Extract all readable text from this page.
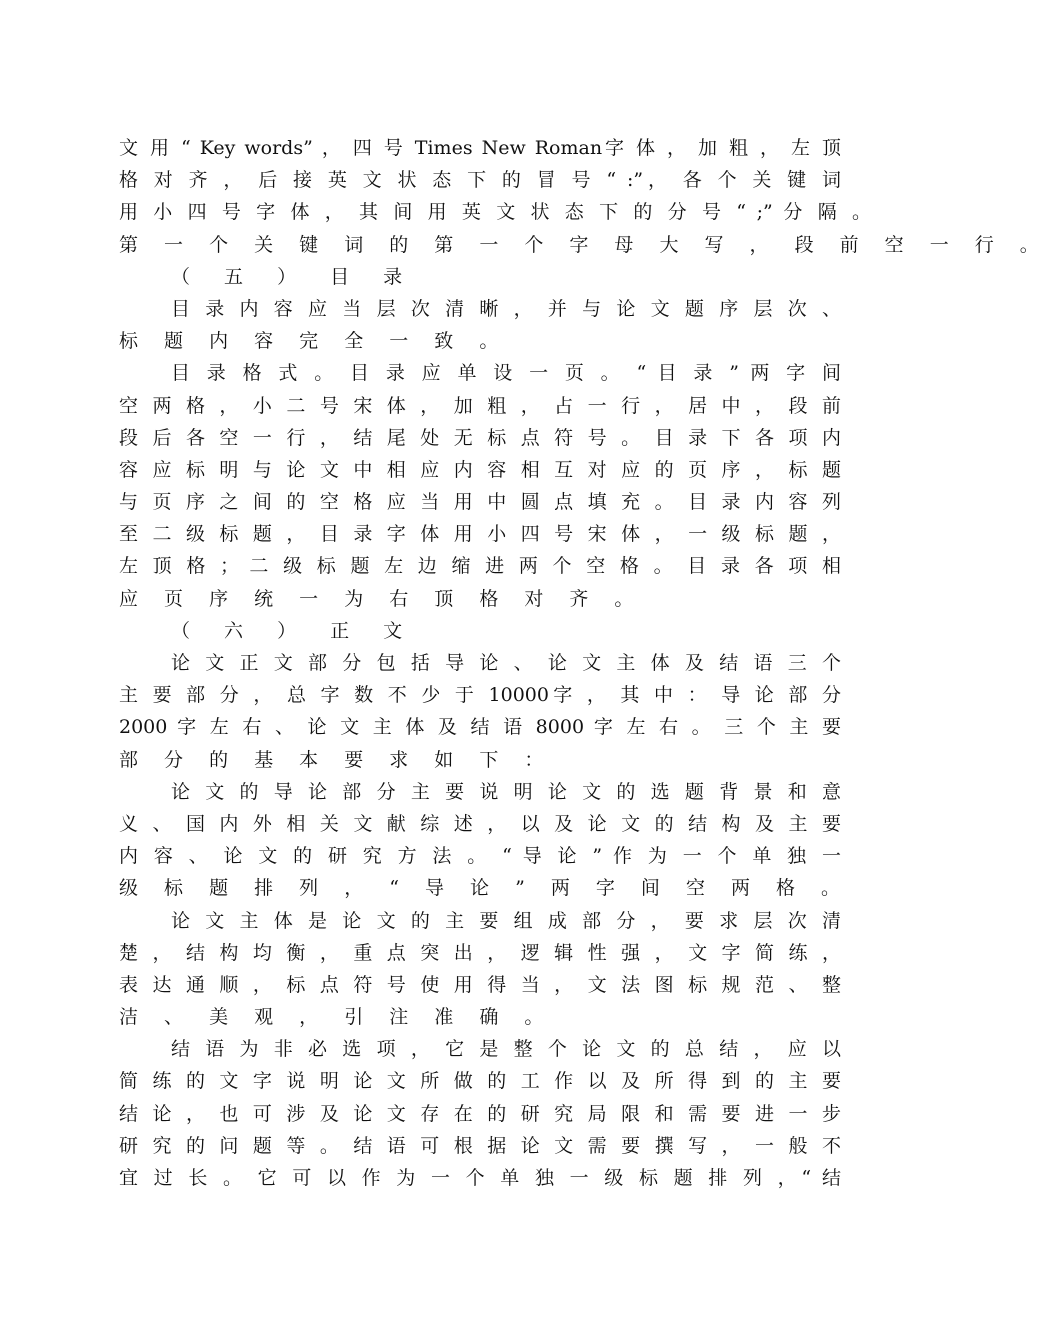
文 用 “ Key words” ， 四 号 Times New Roman字 体 ， 加 粗 ， 左 顶
格 对 齐 ， 后 接 英 文 状 态 下 的 冒 号 “ :”， 各 个 关 键 词
用 小 四 号 字 体 ， 其 间 用 英 文 状 态 下 的 分 号 “ ;” 分 隔 。
第 一 个 关 键 词 的 第 一 个 字 母 大 写 ， 段 前 空 一 行 。
（ 五 ） 目 录
目 录 内 容 应 当 层 次 清 晰 ， 并 与 论 文 题 序 层 次 、
标 题 内 容 完 全 一 致 。
目 录 格 式 。 目 录 应 单 设 一 页 。 “ 目 录 ” 两 字 间
空 两 格 ， 小 二 号 宋 体 ， 加 粗 ， 占 一 行 ， 居 中 ， 段 前
段 后 各 空 一 行 ， 结 尾 处 无 标 点 符 号 。 目 录 下 各 项 内
容 应 标 明 与 论 文 中 相 应 内 容 相 互 对 应 的 页 序 ， 标 题
与 页 序 之 间 的 空 格 应 当 用 中 圆 点 填 充 。 目 录 内 容 列
至 二 级 标 题 ， 目 录 字 体 用 小 四 号 宋 体 ， 一 级 标 题 ，
左 顶 格 ； 二 级 标 题 左 边 缩 进 两 个 空 格 。 目 录 各 项 相
应 页 序 统 一 为 右 顶 格 对 齐 。
（ 六 ） 正 文
论 文 正 文 部 分 包 括 导 论 、 论 文 主 体 及 结 语 三 个
主 要 部 分 ， 总 字 数 不 少 于 10000字 ， 其 中 ： 导 论 部 分
2000 字 左 右 、 论 文 主 体 及 结 语 8000 字 左 右 。 三 个 主 要
部 分 的 基 本 要 求 如 下 ：
论 文 的 导 论 部 分 主 要 说 明 论 文 的 选 题 背 景 和 意
义 、 国 内 外 相 关 文 献 综 述 ， 以 及 论 文 的 结 构 及 主 要
内 容 、 论 文 的 研 究 方 法 。 “ 导 论 ” 作 为 一 个 单 独 一
级 标 题 排 列 ， “ 导 论 ” 两 字 间 空 两 格 。
论 文 主 体 是 论 文 的 主 要 组 成 部 分 ， 要 求 层 次 清
楚 ， 结 构 均 衡 ， 重 点 突 出 ， 逻 辑 性 强 ， 文 字 简 练 ，
表 达 通 顺 ， 标 点 符 号 使 用 得 当 ， 文 法 图 标 规 范 、 整
洁 、 美 观 ， 引 注 准 确 。
结 语 为 非 必 选 项 ， 它 是 整 个 论 文 的 总 结 ， 应 以
简 练 的 文 字 说 明 论 文 所 做 的 工 作 以 及 所 得 到 的 主 要
结 论 ， 也 可 涉 及 论 文 存 在 的 研 究 局 限 和 需 要 进 一 步
研 究 的 问 题 等 。 结 语 可 根 据 论 文 需 要 撰 写 ， 一 般 不
宜 过 长 。 它 可 以 作 为 一 个 单 独 一 级 标 题 排 列 ，“ 结
